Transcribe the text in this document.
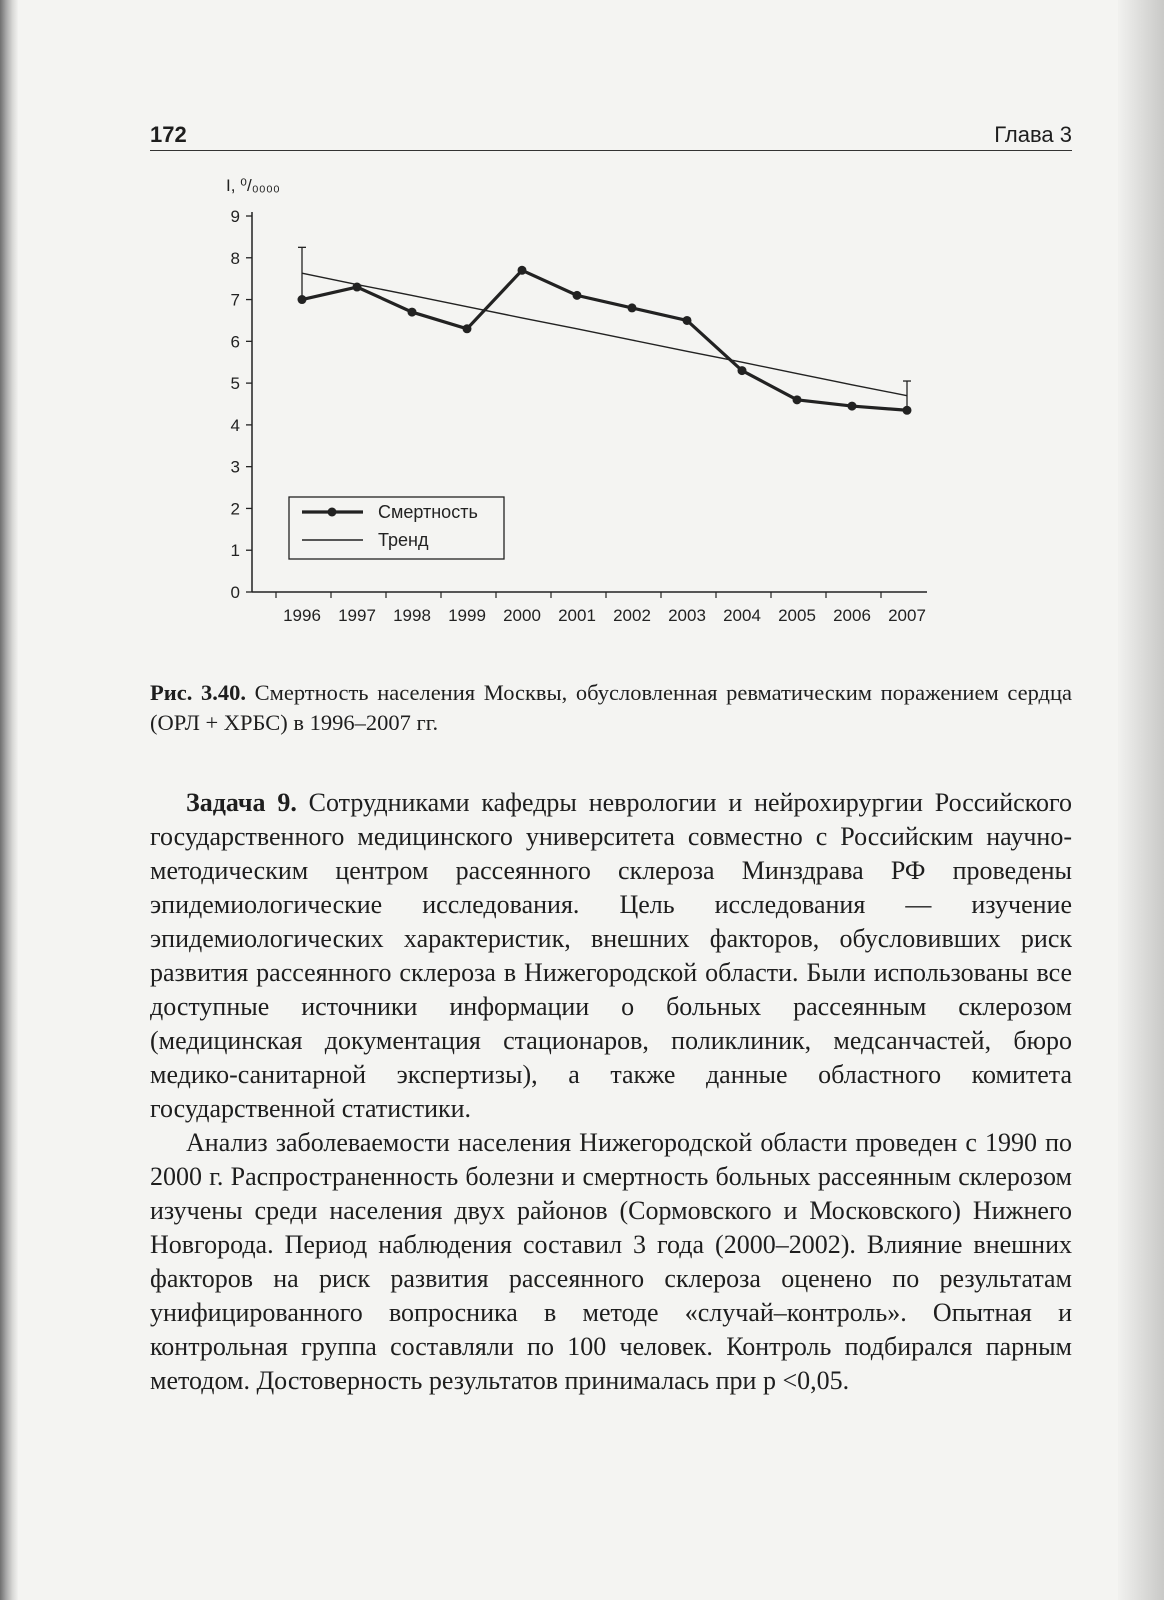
172	Глава 3
I, ⁰/₀₀₀₀
0
1
2
3
4
5
6
7
8
9
1996 1997 1998 1999 2000 2001 2002 2003 2004 2005 2006 2007
Смертность
Тренд
Рис. 3.40. Смертность населения Москвы, обусловленная ревматическим поражением сердца (ОРЛ + ХРБС) в 1996–2007 гг.

Задача 9. Сотрудниками кафедры неврологии и нейрохирургии Российского государственного медицинского университета совместно с Российским научно-методическим центром рассеянного склероза Минздрава РФ проведены эпидемиологические исследования. Цель исследования — изучение эпидемиологических характеристик, внешних факторов, обусловивших риск развития рассеянного склероза в Нижегородской области. Были использованы все доступные источники информации о больных рассеянным склерозом (медицинская документация стационаров, поликлиник, медсанчастей, бюро медико-санитарной экспертизы), а также данные областного комитета государственной статистики.

Анализ заболеваемости населения Нижегородской области проведен с 1990 по 2000 г. Распространенность болезни и смертность больных рассеянным склерозом изучены среди населения двух районов (Сормовского и Московского) Нижнего Новгорода. Период наблюдения составил 3 года (2000–2002). Влияние внешних факторов на риск развития рассеянного склероза оценено по результатам унифицированного вопросника в методе «случай–контроль». Опытная и контрольная группа составляли по 100 человек. Контроль подбирался парным методом. Достоверность результатов принималась при р <0,05.
